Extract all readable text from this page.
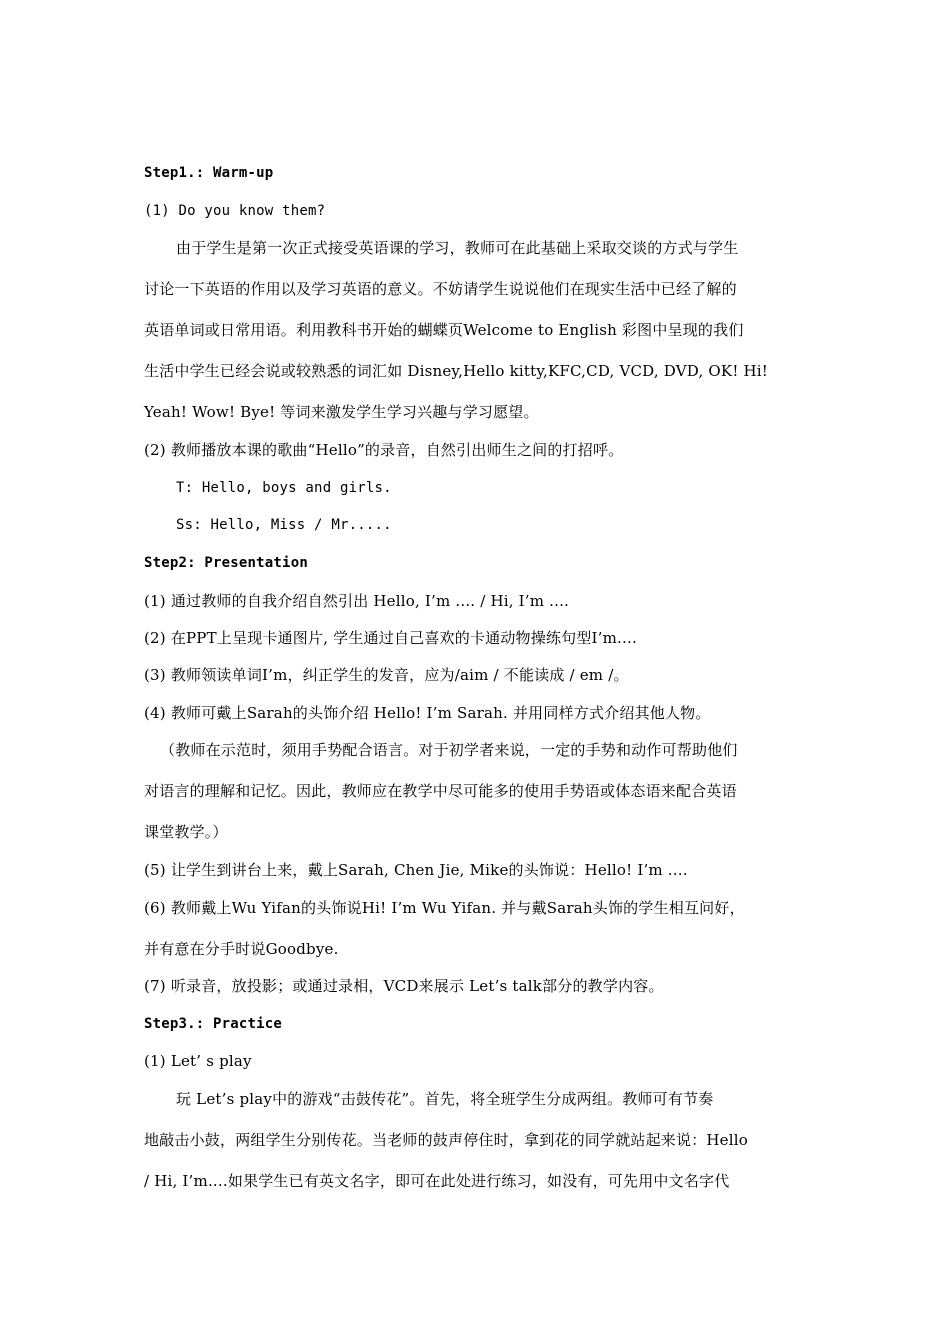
Step1.: Warm-up
(1) Do you know them?
由于学生是第一次正式接受英语课的学习，教师可在此基础上采取交谈的方式与学生
讨论一下英语的作用以及学习英语的意义。不妨请学生说说他们在现实生活中已经了解的
英语单词或日常用语。利用教科书开始的蝴蝶页Welcome to English 彩图中呈现的我们
生活中学生已经会说或较熟悉的词汇如 Disney,Hello kitty,KFC,CD, VCD, DVD, OK! Hi!
Yeah! Wow! Bye! 等词来激发学生学习兴趣与学习愿望。
(2) 教师播放本课的歌曲“Hello”的录音，自然引出师生之间的打招呼。
T: Hello, boys and girls.
Ss: Hello, Miss / Mr.....
Step2: Presentation
(1) 通过教师的自我介绍自然引出 Hello, I’m .... / Hi, I’m ....
(2) 在PPT上呈现卡通图片, 学生通过自己喜欢的卡通动物操练句型I’m....
(3) 教师领读单词I’m，纠正学生的发音，应为/aim / 不能读成 / em /。
(4) 教师可戴上Sarah的头饰介绍 Hello! I’m Sarah. 并用同样方式介绍其他人物。
（教师在示范时，须用手势配合语言。对于初学者来说，一定的手势和动作可帮助他们
对语言的理解和记忆。因此，教师应在教学中尽可能多的使用手势语或体态语来配合英语
课堂教学。）
(5) 让学生到讲台上来，戴上Sarah, Chen Jie, Mike的头饰说：Hello! I’m ....
(6) 教师戴上Wu Yifan的头饰说Hi! I’m Wu Yifan. 并与戴Sarah头饰的学生相互问好，
并有意在分手时说Goodbye.
(7) 听录音，放投影；或通过录相，VCD来展示 Let’s talk部分的教学内容。
Step3.: Practice
(1) Let’ s play
玩 Let’s play中的游戏“击鼓传花”。首先，将全班学生分成两组。教师可有节奏
地敲击小鼓，两组学生分别传花。当老师的鼓声停住时，拿到花的同学就站起来说：Hello
/ Hi, I’m....如果学生已有英文名字，即可在此处进行练习，如没有，可先用中文名字代
